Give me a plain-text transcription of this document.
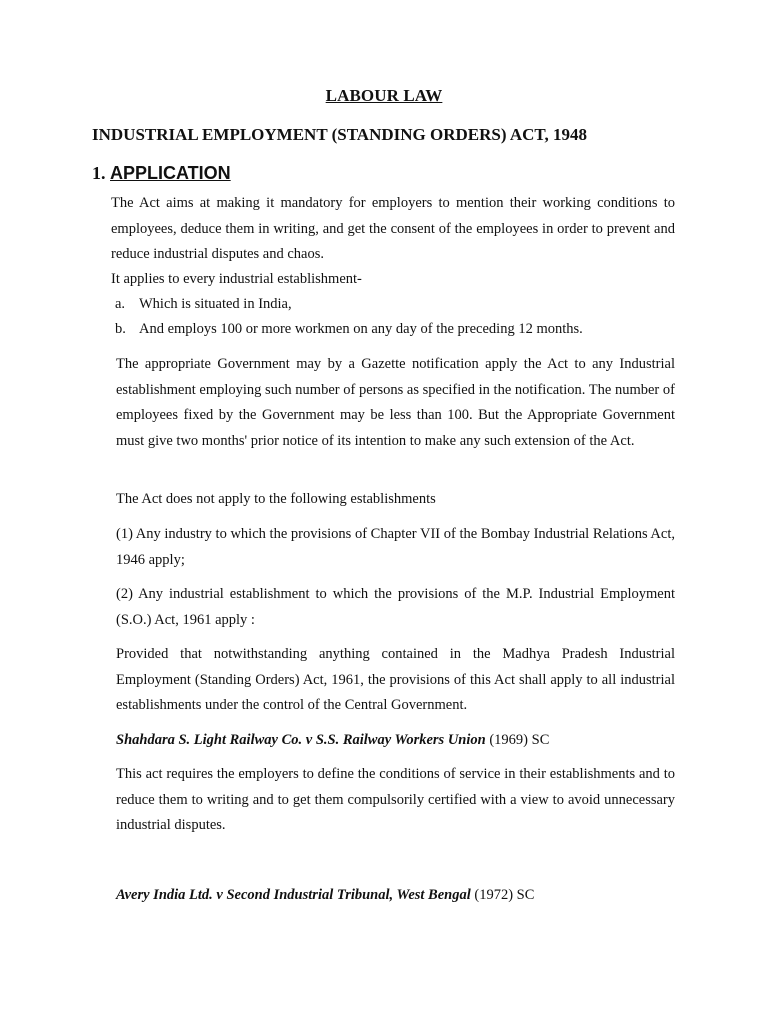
LABOUR LAW
INDUSTRIAL EMPLOYMENT (STANDING ORDERS) ACT, 1948
1. APPLICATION
The Act aims at making it mandatory for employers to mention their working conditions to employees, deduce them in writing, and get the consent of the employees in order to prevent and reduce industrial disputes and chaos.
It applies to every industrial establishment-
a. Which is situated in India,
b. And employs 100 or more workmen on any day of the preceding 12 months.
The appropriate Government may by a Gazette notification apply the Act to any Industrial establishment employing such number of persons as specified in the notification. The number of employees fixed by the Government may be less than 100. But the Appropriate Government must give two months' prior notice of its intention to make any such extension of the Act.
The Act does not apply to the following establishments
(1) Any industry to which the provisions of Chapter VII of the Bombay Industrial Relations Act, 1946 apply;
(2) Any industrial establishment to which the provisions of the M.P. Industrial Employment (S.O.) Act, 1961 apply :
Provided that notwithstanding anything contained in the Madhya Pradesh Industrial Employment (Standing Orders) Act, 1961, the provisions of this Act shall apply to all industrial establishments under the control of the Central Government.
Shahdara S. Light Railway Co. v S.S. Railway Workers Union (1969) SC
This act requires the employers to define the conditions of service in their establishments and to reduce them to writing and to get them compulsorily certified with a view to avoid unnecessary industrial disputes.
Avery India Ltd. v Second Industrial Tribunal, West Bengal (1972) SC
